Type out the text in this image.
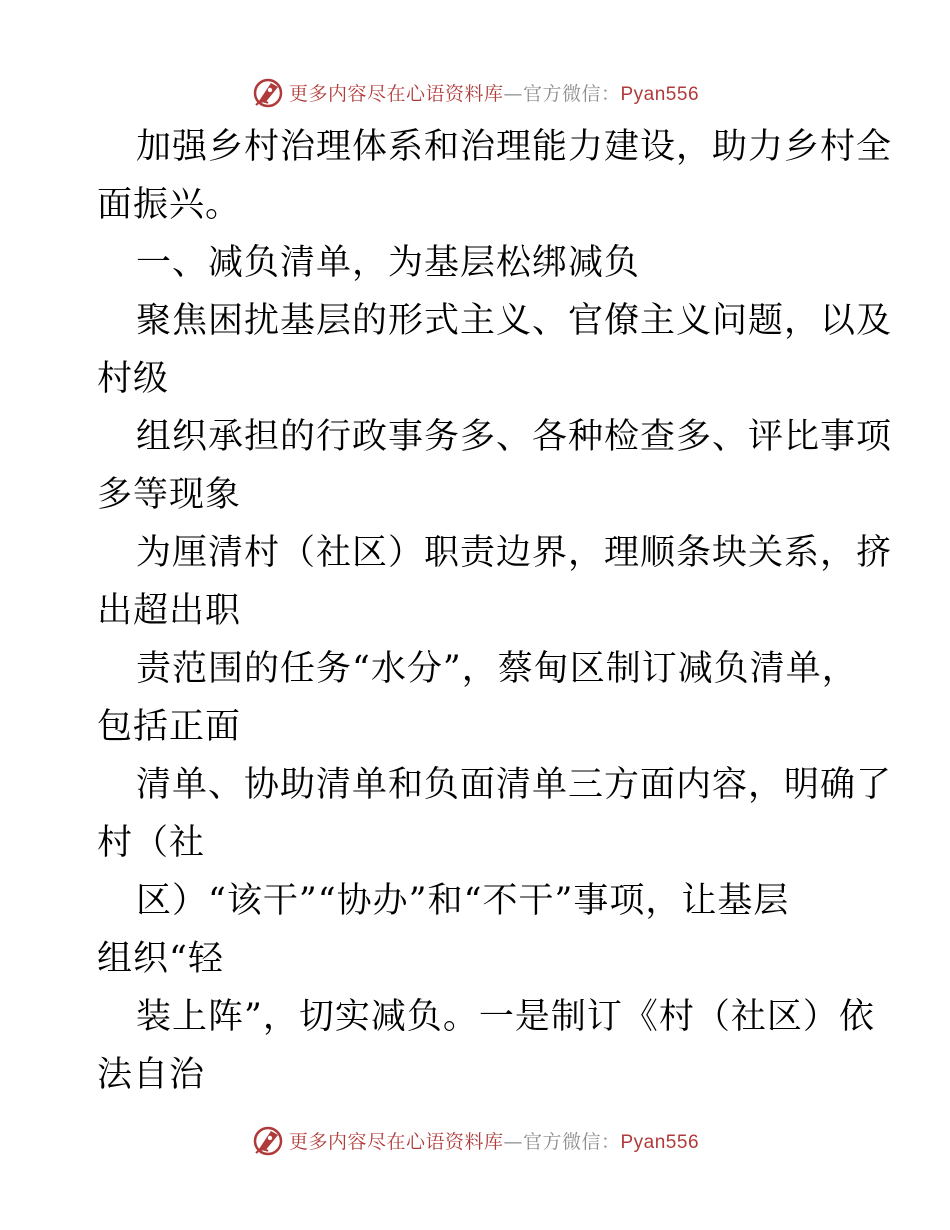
更多内容尽在心语资料库—官方微信：Pyan556
加强乡村治理体系和治理能力建设，助力乡村全
面振兴。
一、减负清单，为基层松绑减负
聚焦困扰基层的形式主义、官僚主义问题，以及
村级
组织承担的行政事务多、各种检查多、评比事项
多等现象
为厘清村（社区）职责边界，理顺条块关系，挤
出超出职
责范围的任务“水分”，蔡甸区制订减负清单，
包括正面
清单、协助清单和负面清单三方面内容，明确了
村（社
区）“该干”“协办”和“不干”事项，让基层
组织“轻
装上阵”，切实减负。一是制订《村（社区）依
法自治
更多内容尽在心语资料库—官方微信：Pyan556
